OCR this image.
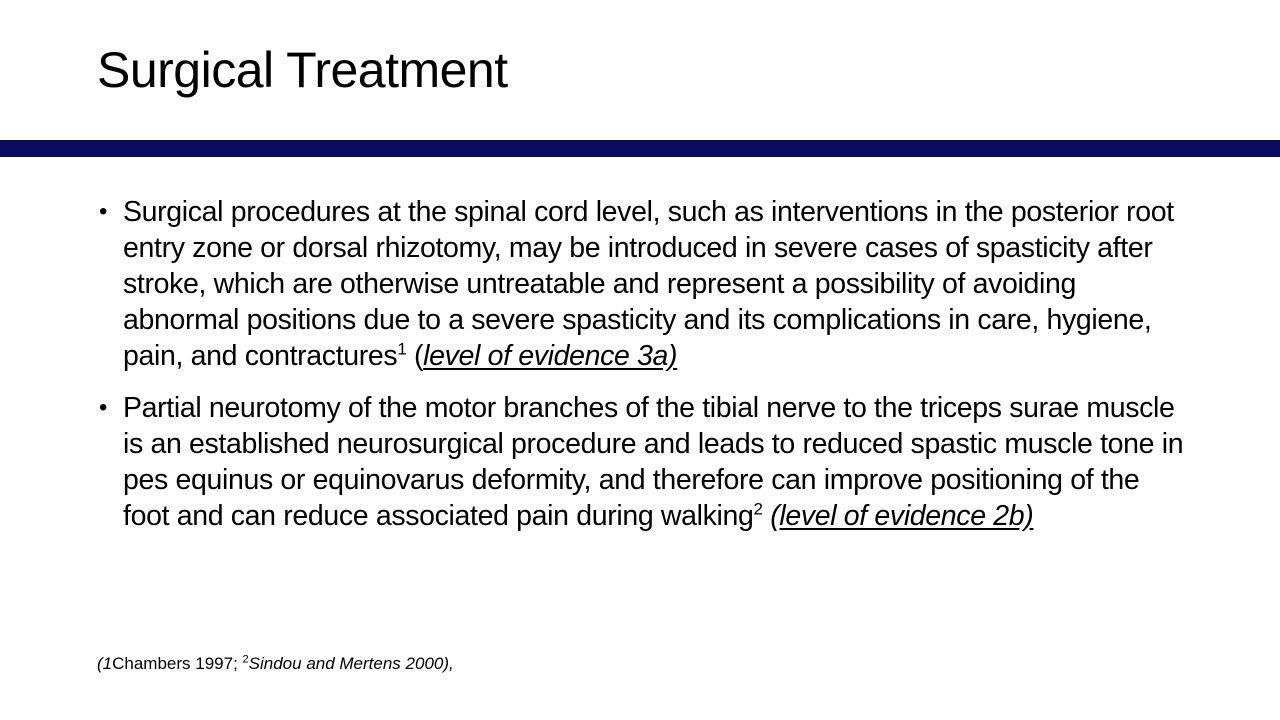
Surgical Treatment
• Surgical procedures at the spinal cord level, such as interventions in the posterior root entry zone or dorsal rhizotomy, may be introduced in severe cases of spasticity after stroke, which are otherwise untreatable and represent a possibility of avoiding abnormal positions due to a severe spasticity and its complications in care, hygiene, pain, and contractures$^1$ (level of evidence 3a)
• Partial neurotomy of the motor branches of the tibial nerve to the triceps surae muscle is an established neurosurgical procedure and leads to reduced spastic muscle tone in pes equinus or equinovarus deformity, and therefore can improve positioning of the foot and can reduce associated pain during walking$^2$ (level of evidence 2b)
(1Chambers 1997; $^2$Sindou and Mertens 2000),
